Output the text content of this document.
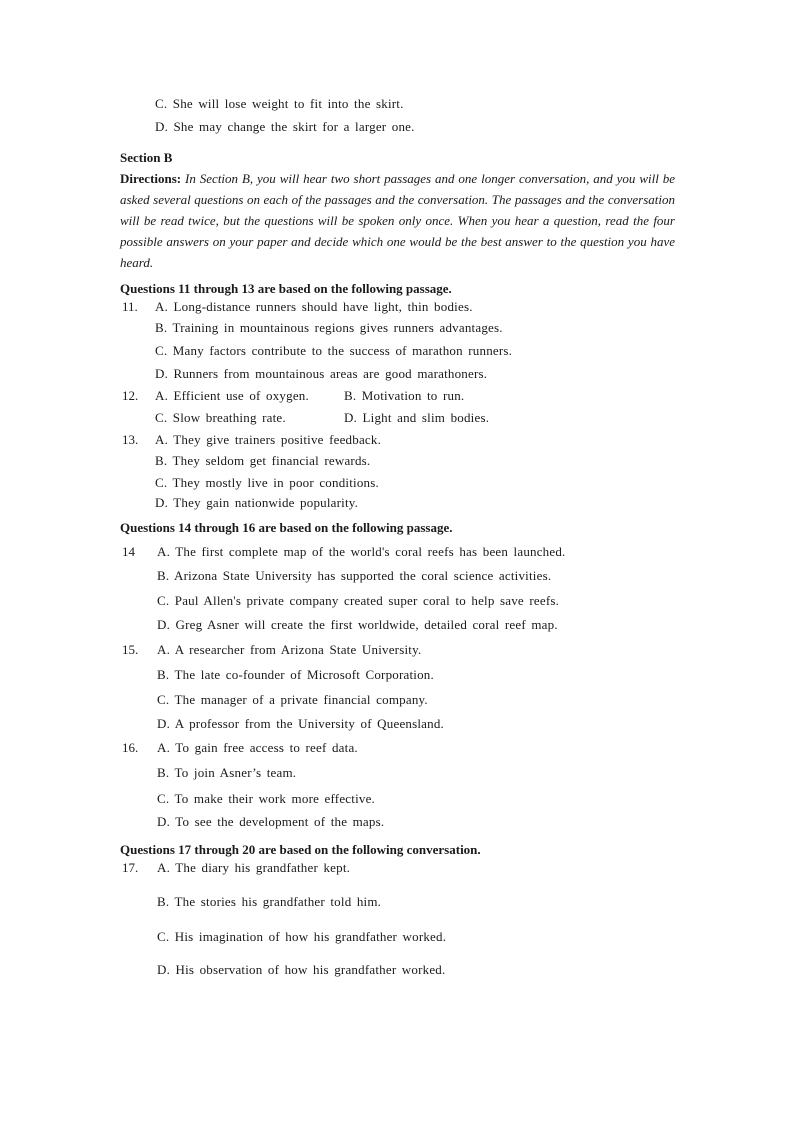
C. She will lose weight to fit into the skirt.
D. She may change the skirt for a larger one.
Section B
Directions: In Section B, you will hear two short passages and one longer conversation, and you will be asked several questions on each of the passages and the conversation. The passages and the conversation will be read twice, but the questions will be spoken only once. When you hear a question, read the four possible answers on your paper and decide which one would be the best answer to the question you have heard.
Questions 11 through 13 are based on the following passage.
11. A. Long-distance runners should have light, thin bodies.
B. Training in mountainous regions gives runners advantages.
C. Many factors contribute to the success of marathon runners.
D. Runners from mountainous areas are good marathoners.
12. A. Efficient use of oxygen.	B. Motivation to run.
C. Slow breathing rate.	D. Light and slim bodies.
13. A. They give trainers positive feedback.
B. They seldom get financial rewards.
C. They mostly live in poor conditions.
D. They gain nationwide popularity.
Questions 14 through 16 are based on the following passage.
14 A. The first complete map of the world's coral reefs has been launched.
B. Arizona State University has supported the coral science activities.
C. Paul Allen's private company created super coral to help save reefs.
D. Greg Asner will create the first worldwide, detailed coral reef map.
15. A. A researcher from Arizona State University.
B. The late co-founder of Microsoft Corporation.
C. The manager of a private financial company.
D. A professor from the University of Queensland.
16. A. To gain free access to reef data.
B. To join Asner’s team.
C. To make their work more effective.
D. To see the development of the maps.
Questions 17 through 20 are based on the following conversation.
17. A. The diary his grandfather kept.
B. The stories his grandfather told him.
C. His imagination of how his grandfather worked.
D. His observation of how his grandfather worked.
